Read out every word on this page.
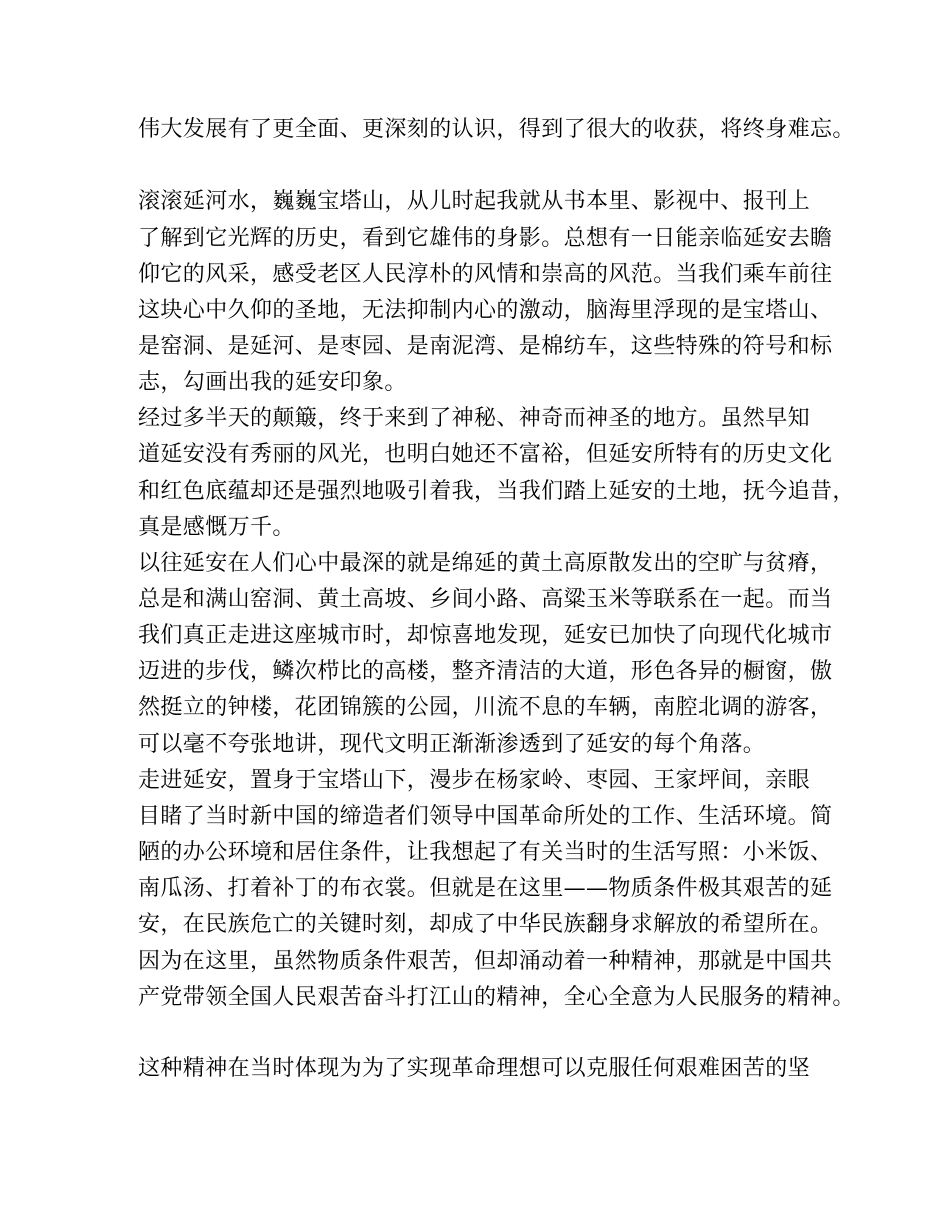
伟大发展有了更全面、更深刻的认识，得到了很大的收获，将终身难忘。
滚滚延河水，巍巍宝塔山，从儿时起我就从书本里、影视中、报刊上
了解到它光辉的历史，看到它雄伟的身影。总想有一日能亲临延安去瞻
仰它的风采，感受老区人民淳朴的风情和崇高的风范。当我们乘车前往
这块心中久仰的圣地，无法抑制内心的激动，脑海里浮现的是宝塔山、
是窑洞、是延河、是枣园、是南泥湾、是棉纺车，这些特殊的符号和标
志，勾画出我的延安印象。
经过多半天的颠簸，终于来到了神秘、神奇而神圣的地方。虽然早知
道延安没有秀丽的风光，也明白她还不富裕，但延安所特有的历史文化
和红色底蕴却还是强烈地吸引着我，当我们踏上延安的土地，抚今追昔，
真是感慨万千。
以往延安在人们心中最深的就是绵延的黄土高原散发出的空旷与贫瘠，
总是和满山窑洞、黄土高坡、乡间小路、高粱玉米等联系在一起。而当
我们真正走进这座城市时，却惊喜地发现，延安已加快了向现代化城市
迈进的步伐，鳞次栉比的高楼，整齐清洁的大道，形色各异的橱窗，傲
然挺立的钟楼，花团锦簇的公园，川流不息的车辆，南腔北调的游客，
可以毫不夸张地讲，现代文明正渐渐渗透到了延安的每个角落。
走进延安，置身于宝塔山下，漫步在杨家岭、枣园、王家坪间，亲眼
目睹了当时新中国的缔造者们领导中国革命所处的工作、生活环境。简
陋的办公环境和居住条件，让我想起了有关当时的生活写照：小米饭、
南瓜汤、打着补丁的布衣裳。但就是在这里——物质条件极其艰苦的延
安，在民族危亡的关键时刻，却成了中华民族翻身求解放的希望所在。
因为在这里，虽然物质条件艰苦，但却涌动着一种精神，那就是中国共
产党带领全国人民艰苦奋斗打江山的精神，全心全意为人民服务的精神。
这种精神在当时体现为为了实现革命理想可以克服任何艰难困苦的坚
